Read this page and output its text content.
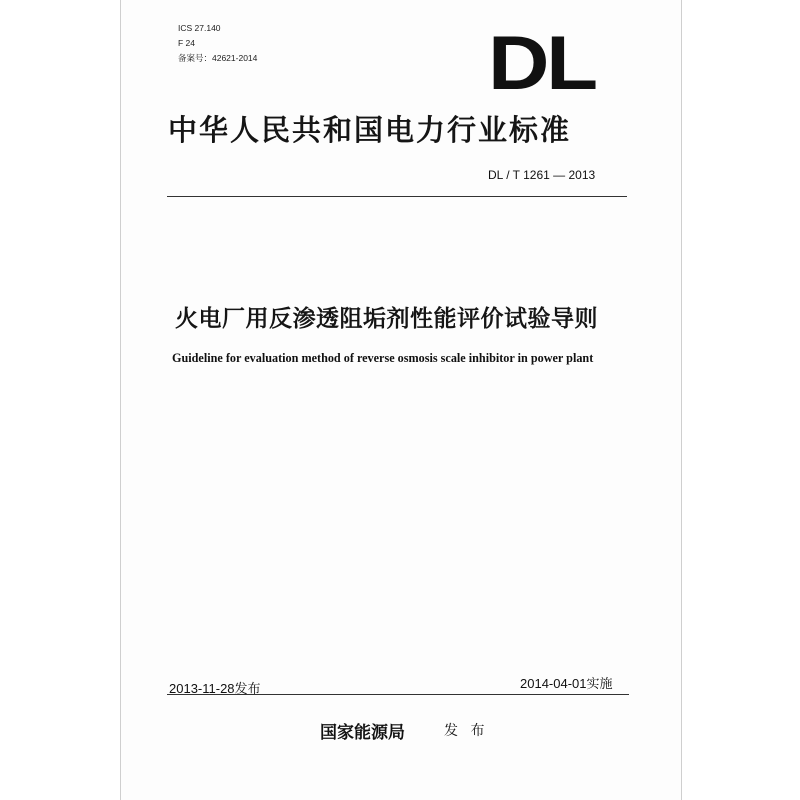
ICS 27.140

F 24

备案号：42621-2014	DL
中华人民共和国电力行业标准

DL / T 1261 — 2013

火电厂用反渗透阻垢剂性能评价试验导则

Guideline for evaluation method of reverse osmosis scale inhibitor in power plant

2013-11-28发布	2014-04-01实施

国家能源局	发 布
